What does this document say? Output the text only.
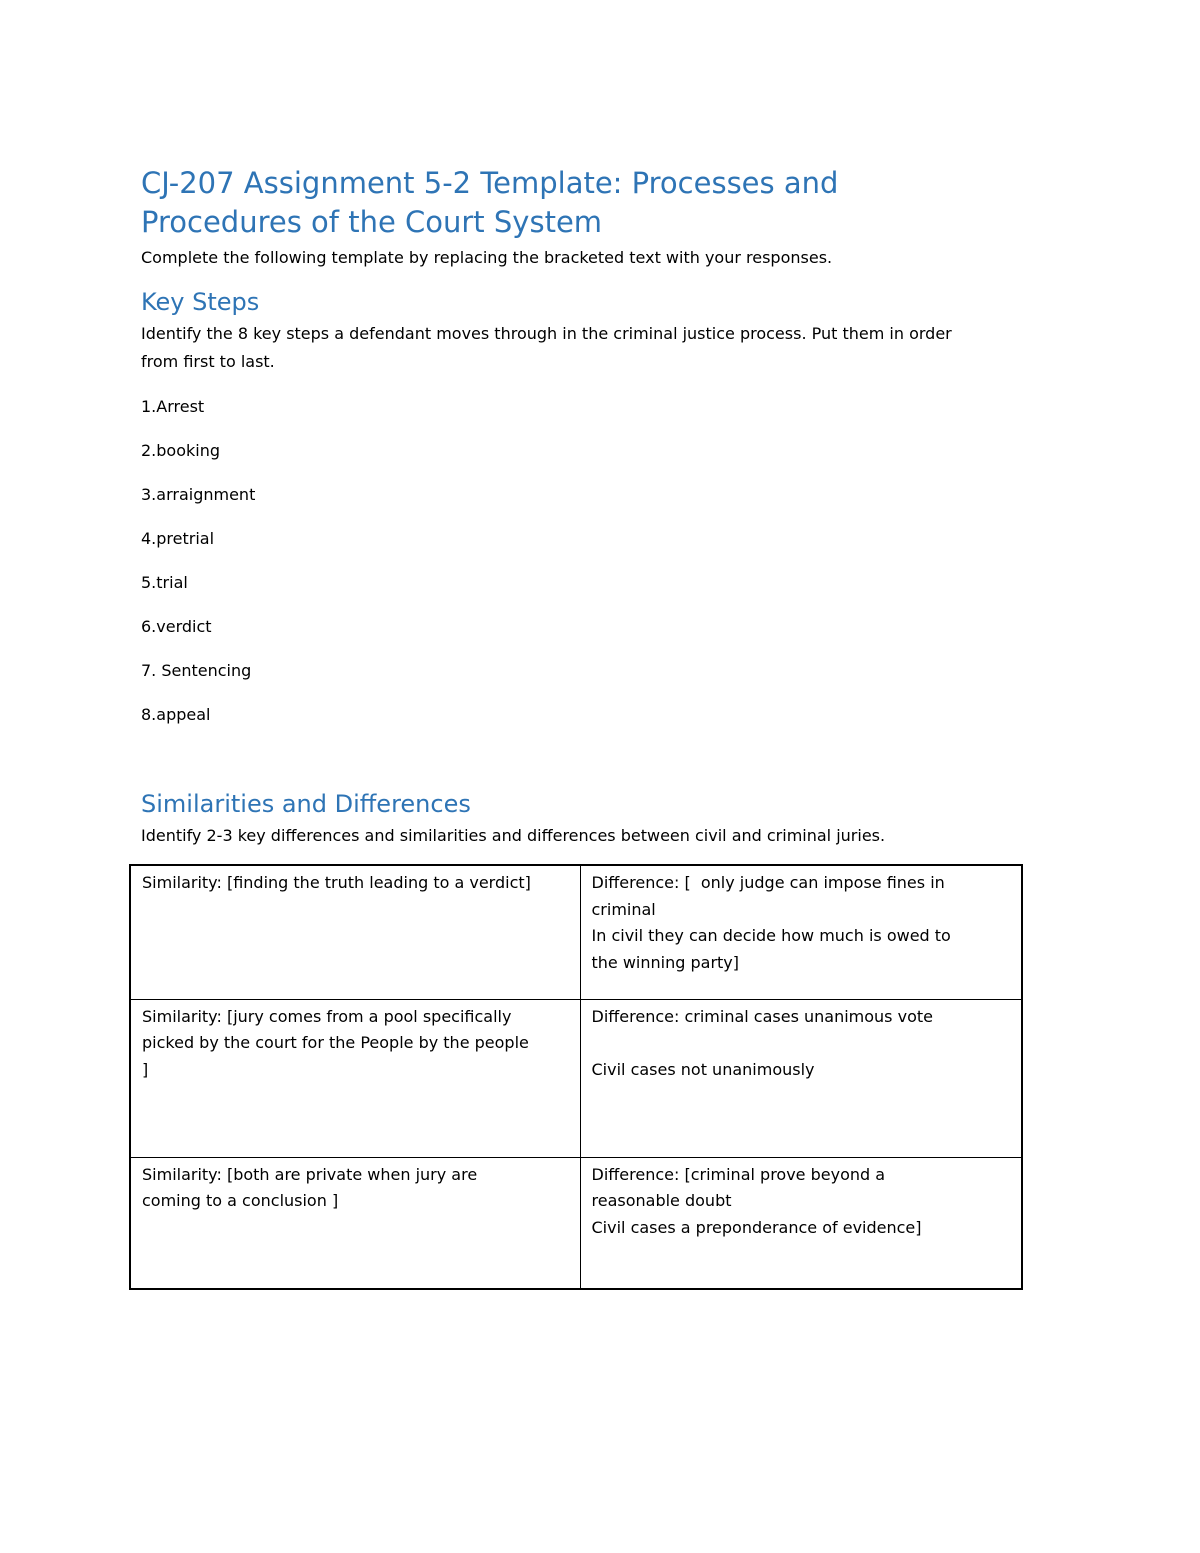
CJ-207 Assignment 5-2 Template: Processes and
Procedures of the Court System

Complete the following template by replacing the bracketed text with your responses.

Key Steps

Identify the 8 key steps a defendant moves through in the criminal justice process. Put them in order
from first to last.

1.Arrest

2.booking

3.arraignment

4.pretrial

5.trial

6.verdict

7. Sentencing

8.appeal

Similarities and Differences

Identify 2-3 key differences and similarities and differences between civil and criminal juries.

Similarity: [finding the truth leading to a verdict]	Difference: [  only judge can impose fines in
criminal
In civil they can decide how much is owed to
the winning party]

Similarity: [jury comes from a pool specifically
picked by the court for the People by the people
]	Difference: criminal cases unanimous vote
Civil cases not unanimously

Similarity: [both are private when jury are
coming to a conclusion ]	Difference: [criminal prove beyond a
reasonable doubt
Civil cases a preponderance of evidence]
